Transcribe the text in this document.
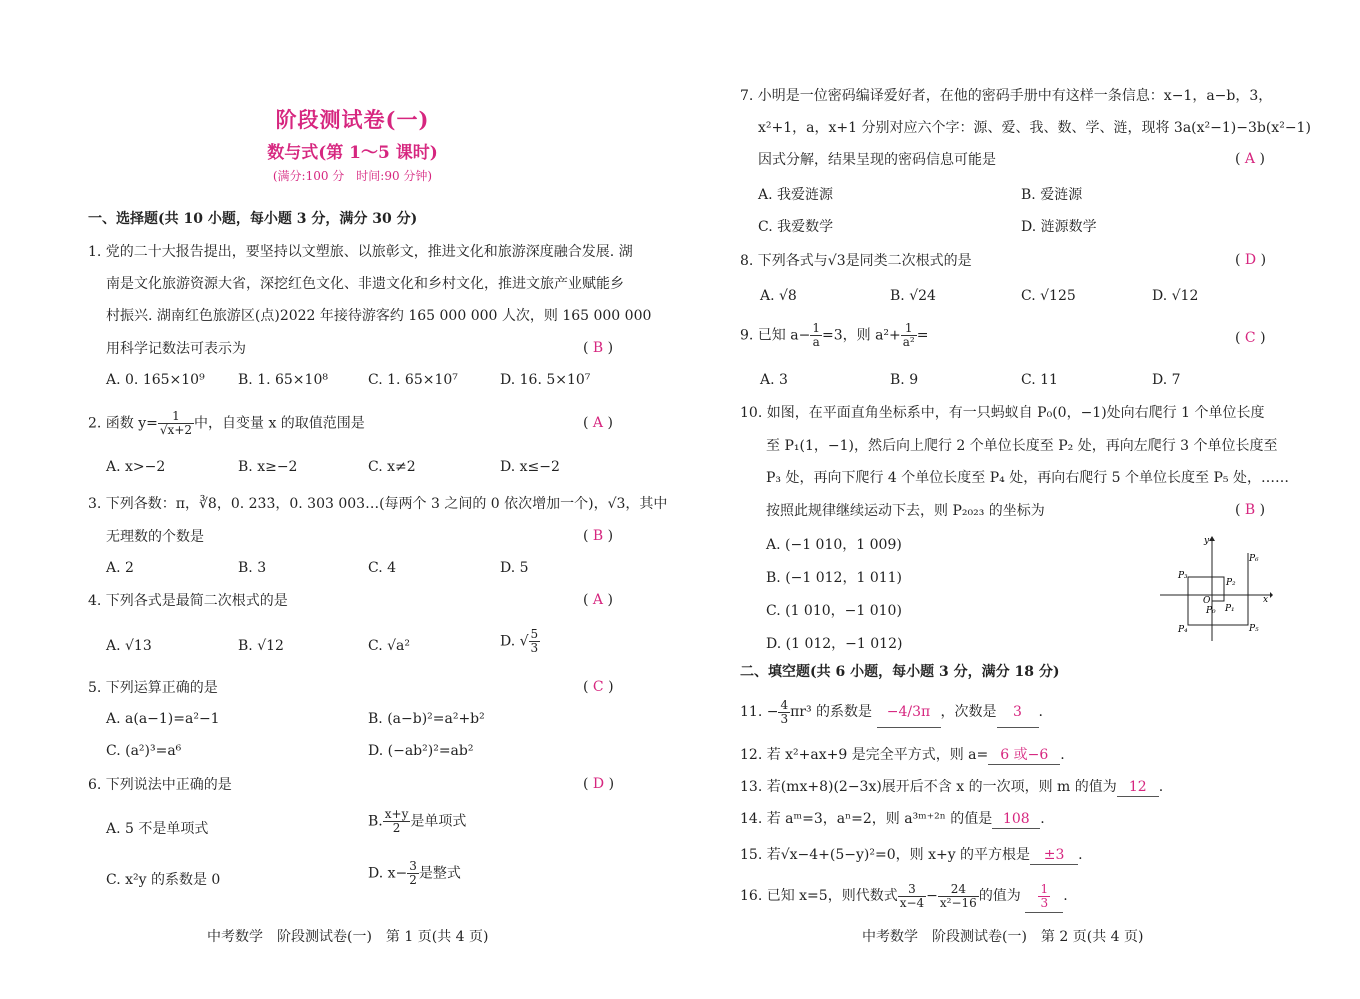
阶段测试卷(一)
数与式(第 1～5 课时)
(满分:100 分　时间:90 分钟)
一、选择题(共 10 小题，每小题 3 分，满分 30 分)
1. 党的二十大报告提出，要坚持以文塑旅、以旅彰文，推进文化和旅游深度融合发展. 湖
南是文化旅游资源大省，深挖红色文化、非遗文化和乡村文化，推进文旅产业赋能乡
村振兴. 湖南红色旅游区(点)2022 年接待游客约 165 000 000 人次，则 165 000 000
用科学记数法可表示为	( B )
A. 0. 165×10⁹ B. 1. 65×10⁸	C. 1. 65×10⁷	D. 16. 5×10⁷
2. 函数 $y= \frac{1}{√x+2}$ 中，自变量 x 的取值范围是	( A )
A. x>−2	B. x≥−2	C. x≠2	D. x≤−2
3. 下列各数：π，∛8，0. 23̇3̇，0. 303 003…(每两个 3 之间的 0 依次增加一个)，√3，其中
无理数的个数是	( B )
A. 2	B. 3	C. 4	D. 5
4. 下列各式是最简二次根式的是	( A )
A. √13	B. √12	C. √a²	D. √ $\frac{5}{3}$
5. 下列运算正确的是	( C )
A. a(a−1)=a²−1	B. (a−b)²=a²+b²
C. (a²)³=a⁶	D. (−ab²)²=ab²
6. 下列说法中正确的是	( D )
A. 5 不是单项式	B. $\frac{x+y}{2}$ 是单项式
C. x²y 的系数是 0	D. $x- \frac{3}{2}$ 是整式
中考数学　阶段测试卷(一)　第 1 页(共 4 页)
7. 小明是一位密码编译爱好者，在他的密码手册中有这样一条信息：x−1，a−b，3，
x²+1，a，x+1 分别对应六个字：源、爱、我、数、学、涟，现将 3a(x²−1)−3b(x²−1)
因式分解，结果呈现的密码信息可能是	( A )
A. 我爱涟源	B. 爱涟源
C. 我爱数学	D. 涟源数学
8. 下列各式与√3是同类二次根式的是	( D )
A. √8	B. √24	C. √125	D. √12
9. 已知 $a- \frac{1}{a} =3$，则 $a^2+ \frac{1}{\text{a²}}$ =	( C )
A. 3	B. 9	C. 11	D. 7
10. 如图，在平面直角坐标系中，有一只蚂蚁自 P₀(0，−1)处向右爬行 1 个单位长度
至 P₁(1，−1)，然后向上爬行 2 个单位长度至 P₂ 处，再向左爬行 3 个单位长度至
P₃ 处，再向下爬行 4 个单位长度至 P₄ 处，再向右爬行 5 个单位长度至 P₅ 处，……
按照此规律继续运动下去，则 P₂₀₂₃ 的坐标为	( B )
A. (−1 010，1 009)
B. (−1 012，1 011)
C. (1 010，−1 010)
D. (1 012，−1 012)
y
x
O
P₀ P₁
P₂
P₃
P₄	P₅
P₆
二、填空题(共 6 小题，每小题 3 分，满分 18 分)
11. − $\frac{4}{3} \pi r^3$ 的系数是 −4/3π ，次数是 3 .
12. 若 x²+ax+9 是完全平方式，则 a= 6 或−6 .
13. 若(mx+8)(2−3x)展开后不含 x 的一次项，则 m 的值为 12 .
14. 若 aᵐ=3，aⁿ=2，则 a³ᵐ⁺²ⁿ 的值是 108 .
15. 若√x−4+(5−y)²=0，则 x+y 的平方根是 ±3 .
16. 已知 x=5，则代数式 $\frac{3}{x-4} - \frac{24}{\text{x²−16}}$ 的值为 $\frac{1}{3}$ .
中考数学　阶段测试卷(一)　第 2 页(共 4 页)
